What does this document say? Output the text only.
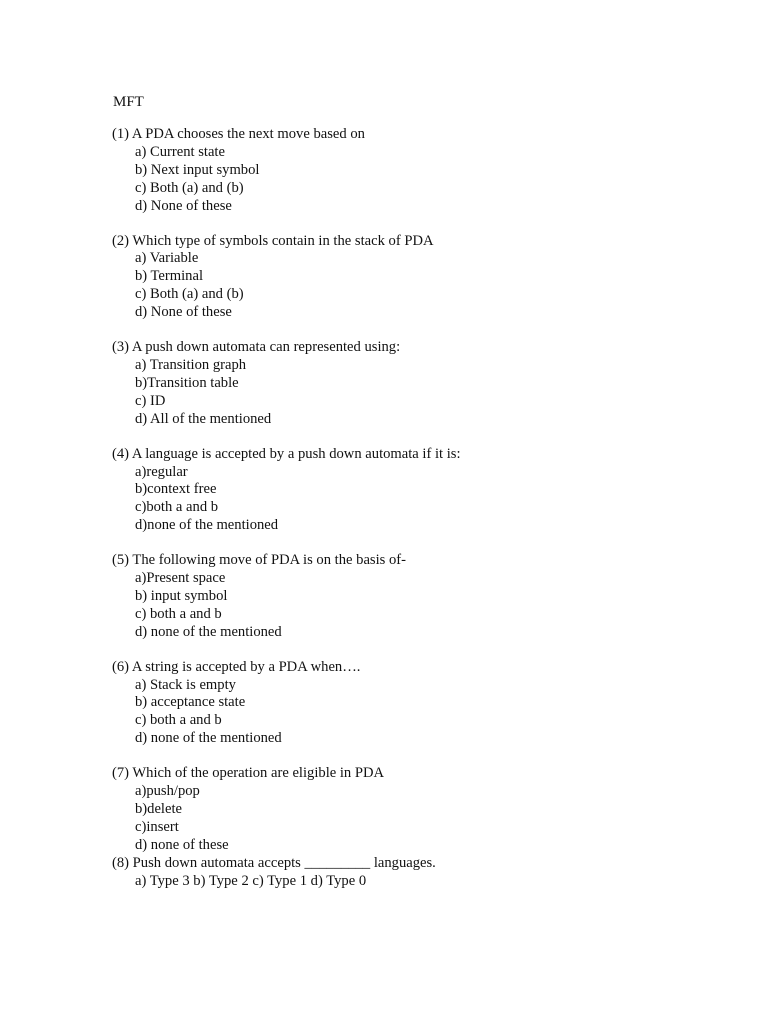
MFT
(1) A PDA chooses the next move based on
a) Current state
b) Next input symbol
c) Both (a) and (b)
d) None of these
(2) Which type of symbols contain in the stack of PDA
a) Variable
b) Terminal
c) Both (a) and (b)
d) None of these
(3) A push down automata can represented using:
a) Transition graph
b)Transition table
c) ID
d) All of the mentioned
(4) A language is accepted by a push down automata if it is:
a)regular
b)context free
c)both a and b
d)none of the mentioned
(5) The following move of PDA is on the basis of-
a)Present space
b) input symbol
c) both a and b
d) none of the mentioned
(6) A string is accepted by a PDA when….
a) Stack is empty
b) acceptance state
c) both a and b
d) none of the mentioned
(7) Which of the operation are eligible in PDA
a)push/pop
b)delete
c)insert
d) none of these
(8) Push down automata accepts _________ languages.
a) Type 3 b) Type 2 c) Type 1 d) Type 0
